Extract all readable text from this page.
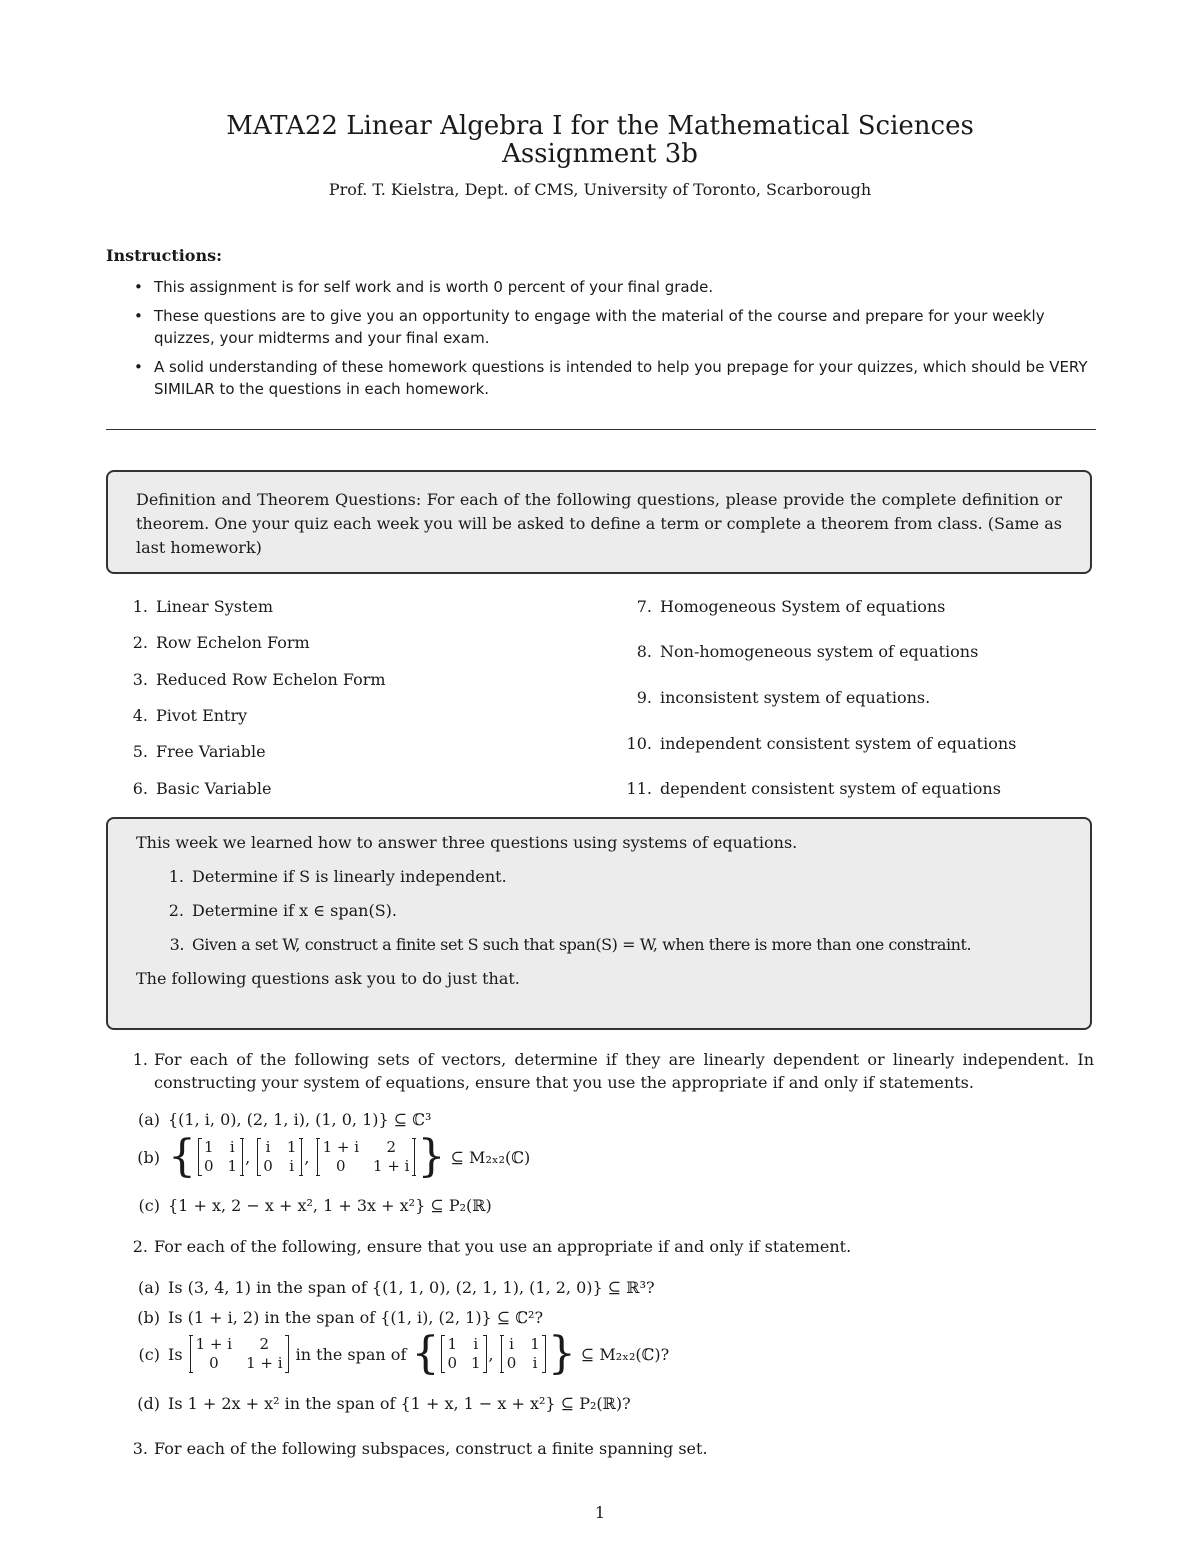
MATA22 Linear Algebra I for the Mathematical Sciences
Assignment 3b
Prof. T. Kielstra, Dept. of CMS, University of Toronto, Scarborough
Instructions:
• This assignment is for self work and is worth 0 percent of your final grade.
• These questions are to give you an opportunity to engage with the material of the course and prepare for your weekly quizzes, your midterms and your final exam.
• A solid understanding of these homework questions is intended to help you prepage for your quizzes, which should be VERY SIMILAR to the questions in each homework.
Definition and Theorem Questions: For each of the following questions, please provide the complete definition or theorem. One your quiz each week you will be asked to define a term or complete a theorem from class. (Same as last homework)
1. Linear System
2. Row Echelon Form
3. Reduced Row Echelon Form
4. Pivot Entry
5. Free Variable
6. Basic Variable
7. Homogeneous System of equations
8. Non-homogeneous system of equations
9. inconsistent system of equations.
10. independent consistent system of equations
11. dependent consistent system of equations
This week we learned how to answer three questions using systems of equations.
1. Determine if S is linearly independent.
2. Determine if x ∈ span(S).
3. Given a set W, construct a finite set S such that span(S) = W, when there is more than one constraint.
The following questions ask you to do just that.
1. For each of the following sets of vectors, determine if they are linearly dependent or linearly independent. In constructing your system of equations, ensure that you use the appropriate if and only if statements.
(a) {(1, i, 0), (2, 1, i), (1, 0, 1)} ⊆ ℂ³
(b) { 1 i
0 1 ,

i 1
0 i ,

1 + i	2
0	1 + i }
⊆ M₂ₓ₂(ℂ)
(c) {1 + x, 2 − x + x², 1 + 3x + x²} ⊆ P₂(ℝ)
2. For each of the following, ensure that you use an appropriate if and only if statement.
(a) Is (3, 4, 1) in the span of {(1, 1, 0), (2, 1, 1), (1, 2, 0)} ⊆ ℝ³?
(b) Is (1 + i, 2) in the span of {(1, i), (2, 1)} ⊆ ℂ²?
(c) Is

1 + i	2
0	1 + i
in the span of
{ 1 i
0 1 ,

i 1
0 i }
⊆ M₂ₓ₂(ℂ)?
(d) Is 1 + 2x + x² in the span of {1 + x, 1 − x + x²} ⊆ P₂(ℝ)?
3. For each of the following subspaces, construct a finite spanning set.
1
